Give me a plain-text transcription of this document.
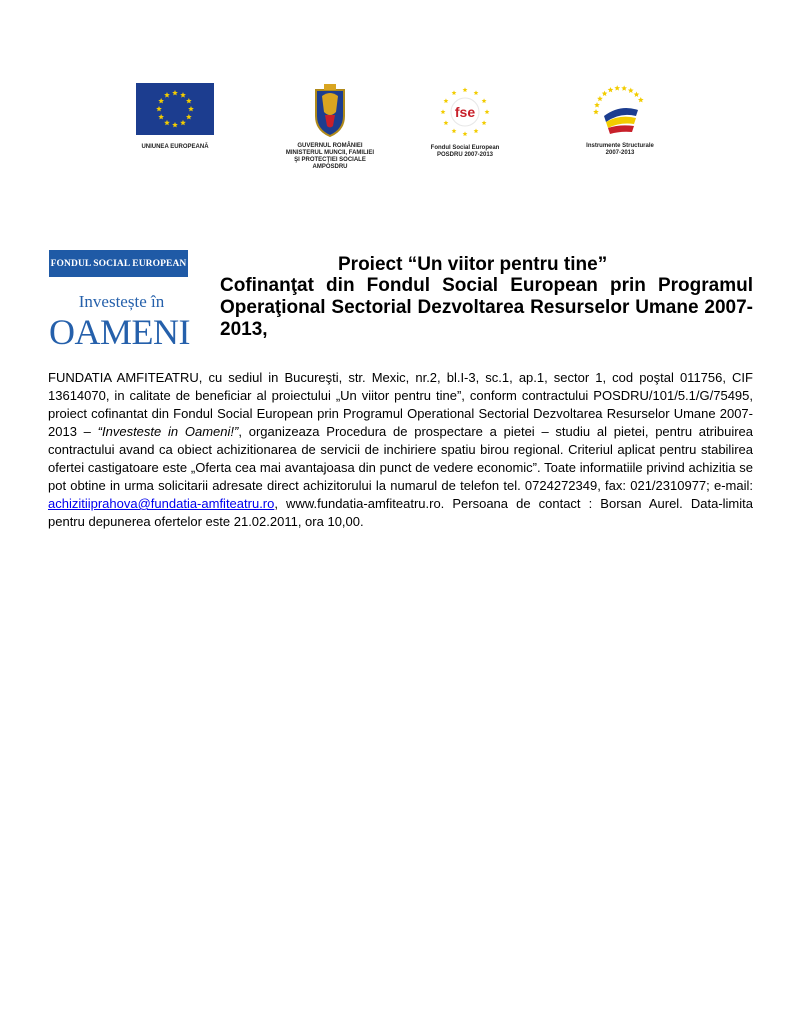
UNIUNEA EUROPEANĂ	GUVERNUL ROMÂNIEI
MINISTERUL MUNCII, FAMILIEI
ŞI PROTECŢIEI SOCIALE
AMPOSDRU
fse
Fondul Social European
POSDRU 2007-2013
Instrumente Structurale
2007-2013
FONDUL SOCIAL EUROPEAN
Investește în
OAMENI
Proiect “Un viitor pentru tine”
Cofinanţat din Fondul Social European prin Programul Operaţional Sectorial Dezvoltarea Resurselor Umane 2007- 2013,
FUNDATIA AMFITEATRU, cu sediul in Bucureşti, str. Mexic, nr.2, bl.I-3, sc.1, ap.1, sector 1, cod poştal 011756, CIF 13614070, in calitate de beneficiar al proiectului „Un viitor pentru tine”, conform contractului POSDRU/101/5.1/G/75495, proiect cofinantat din Fondul Social European prin Programul Operational Sectorial Dezvoltarea Resurselor Umane 2007-2013 – “Investeste in Oameni!”, organizeaza Procedura de prospectare a pietei – studiu al pietei, pentru atribuirea contractului avand ca obiect achizitionarea de servicii de inchiriere spatiu birou regional. Criteriul aplicat pentru stabilirea ofertei castigatoare este „Oferta cea mai avantajoasa din punct de vedere economic”. Toate informatiile privind achizitia se pot obtine in urma solicitarii adresate direct achizitorului la numarul de telefon tel. 0724272349, fax: 021/2310977; e-mail: achizitiiprahova@fundatia-amfiteatru.ro, www.fundatia-amfiteatru.ro. Persoana de contact : Borsan Aurel. Data-limita pentru depunerea ofertelor este 21.02.2011, ora 10,00.
